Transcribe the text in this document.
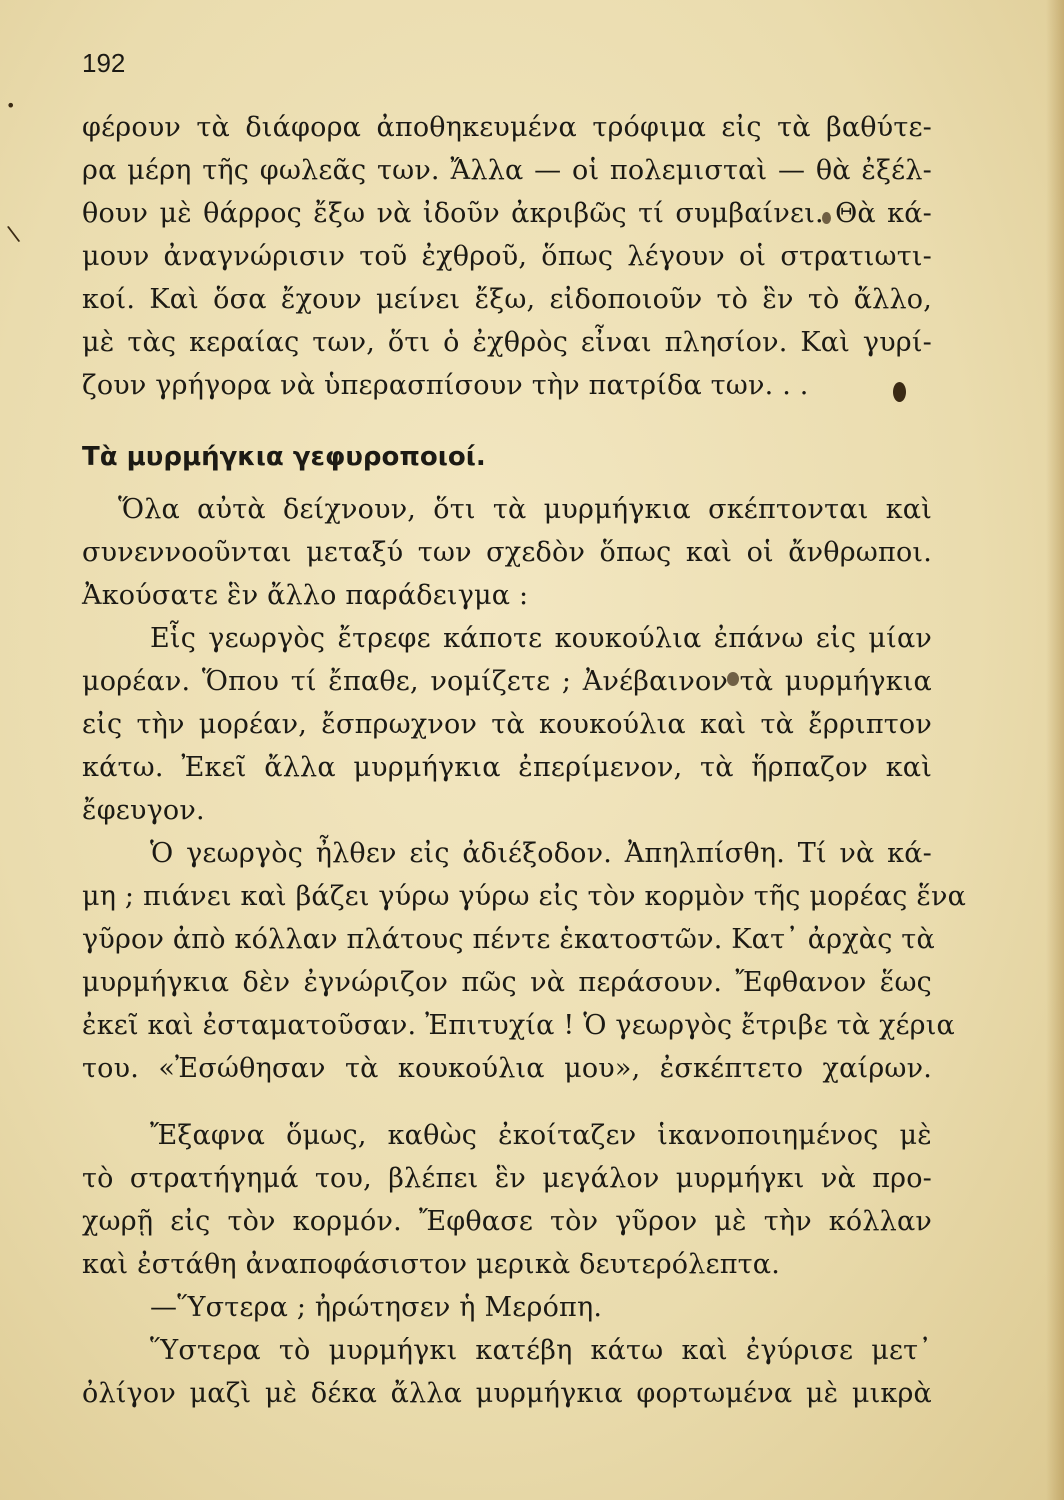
192
•
\
φέρουν τὰ διάφορα ἀποθηκευμένα τρόφιμα εἰς τὰ βαθύτε-
ρα μέρη τῆς φωλεᾶς των. Ἄλλα — οἱ πολεμισταὶ — θὰ ἐξέλ-
θουν μὲ θάρρος ἔξω νὰ ἰδοῦν ἀκριβῶς τί συμβαίνει. Θὰ κά-
μουν ἀναγνώρισιν τοῦ ἐχθροῦ, ὅπως λέγουν οἱ στρατιωτι-
κοί. Καὶ ὅσα ἔχουν μείνει ἔξω, εἰδοποιοῦν τὸ ἓν τὸ ἄλλο,
μὲ τὰς κεραίας των, ὅτι ὁ ἐχθρὸς εἶναι πλησίον. Καὶ γυρί-
ζουν γρήγορα νὰ ὑπερασπίσουν τὴν πατρίδα των. . .
Τὰ μυρμήγκια γεφυροποιοί.
Ὅλα αὐτὰ δείχνουν, ὅτι τὰ μυρμήγκια σκέπτονται καὶ
συνεννοοῦνται μεταξύ των σχεδὸν ὅπως καὶ οἱ ἄνθρωποι.
Ἀκούσατε ἓν ἄλλο παράδειγμα :
Εἷς γεωργὸς ἔτρεφε κάποτε κουκούλια ἐπάνω εἰς μίαν
μορέαν. Ὅπου τί ἔπαθε, νομίζετε ; Ἀνέβαινον τὰ μυρμήγκια
εἰς τὴν μορέαν, ἔσπρωχνον τὰ κουκούλια καὶ τὰ ἔρριπτον
κάτω. Ἐκεῖ ἄλλα μυρμήγκια ἐπερίμενον, τὰ ἥρπαζον καὶ
ἔφευγον.
Ὁ γεωργὸς ἦλθεν εἰς ἀδιέξοδον. Ἀπηλπίσθη. Τί νὰ κά-
μη ; πιάνει καὶ βάζει γύρω γύρω εἰς τὸν κορμὸν τῆς μορέας ἕνα
γῦρον ἀπὸ κόλλαν πλάτους πέντε ἑκατοστῶν. Κατ᾽ ἀρχὰς τὰ
μυρμήγκια δὲν ἐγνώριζον πῶς νὰ περάσουν. Ἔφθανον ἕως
ἐκεῖ καὶ ἐσταματοῦσαν. Ἐπιτυχία ! Ὁ γεωργὸς ἔτριβε τὰ χέρια
του. «Ἐσώθησαν τὰ κουκούλια μου», ἐσκέπτετο χαίρων.
Ἔξαφνα ὅμως, καθὼς ἐκοίταζεν ἱκανοποιημένος μὲ
τὸ στρατήγημά του, βλέπει ἓν μεγάλον μυρμήγκι νὰ προ-
χωρῇ εἰς τὸν κορμόν. Ἔφθασε τὸν γῦρον μὲ τὴν κόλλαν
καὶ ἐστάθη ἀναποφάσιστον μερικὰ δευτερόλεπτα.
—Ὕστερα ; ἠρώτησεν ἡ Μερόπη.
Ὕστερα τὸ μυρμήγκι κατέβη κάτω καὶ ἐγύρισε μετ᾽
ὀλίγον μαζὶ μὲ δέκα ἄλλα μυρμήγκια φορτωμένα μὲ μικρὰ
